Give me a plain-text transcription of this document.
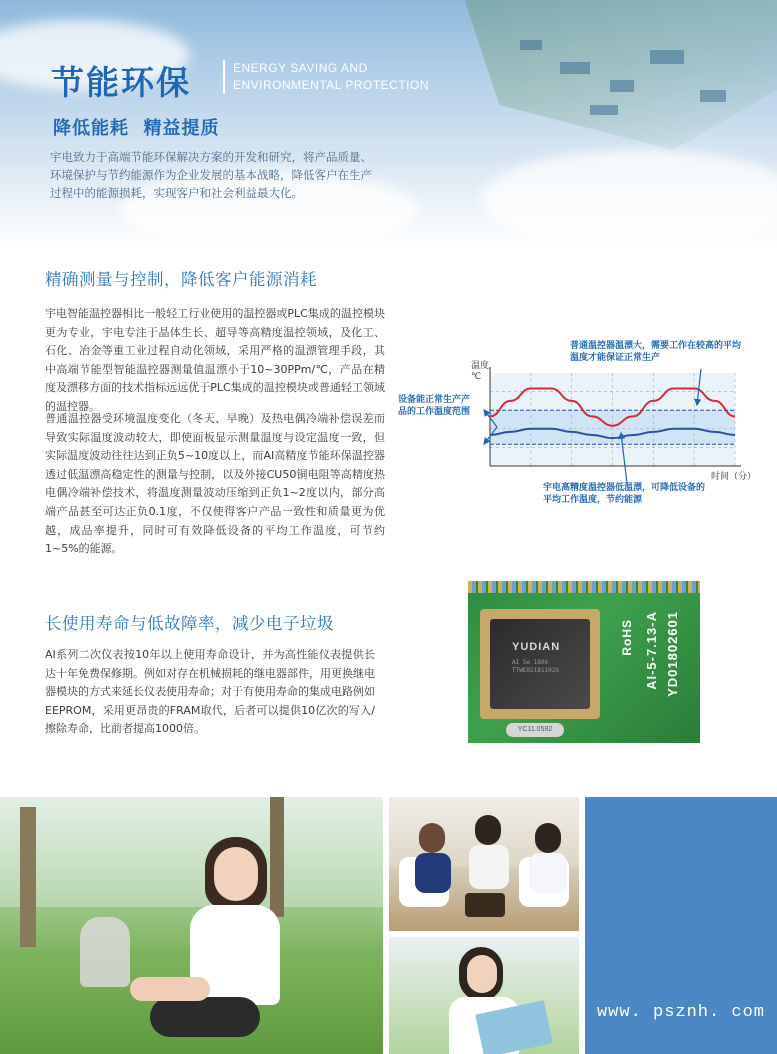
节能环保	ENERGY SAVING AND
ENVIRONMENTAL PROTECTION
降低能耗  精益提质
宇电致力于高端节能环保解决方案的开发和研究，将产品质量、环境保护与节约能源作为企业发展的基本战略，降低客户在生产过程中的能源损耗，实现客户和社会利益最大化。
精确测量与控制，降低客户能源消耗
宇电智能温控器相比一般轻工行业使用的温控器或PLC集成的温控模块更为专业，宇电专注于晶体生长、超导等高精度温控领域，及化工、石化、冶金等重工业过程自动化领域，采用严格的温漂管理手段，其中高端节能型智能温控器测量值温漂小于10~30PPm/℃，产品在精度及漂移方面的技术指标远远优于PLC集成的温控模块或普通轻工领域的温控器。
普通温控器受环境温度变化（冬天、早晚）及热电偶冷端补偿误差而导致实际温度波动较大，即使面板显示测量温度与设定温度一致，但实际温度波动往往达到正负5~10度以上，而AI高精度节能环保温控器透过低温漂高稳定性的测量与控制，以及外接CU50铜电阻等高精度热电偶冷端补偿技术，将温度测量波动压缩到正负1~2度以内，部分高端产品甚至可达正负0.1度，不仅使得客户产品一致性和质量更为优越，成品率提升，同时可有效降低设备的平均工作温度，可节约1~5%的能源。
普通温控器温漂大，需要工作在较高的平均温度才能保证正常生产
设备能正常生产产品的工作温度范围
宇电高精度温控器低温漂，可降低设备的平均工作温度，节约能源
温度
℃
时间（分）
YUDIAN
AI 5e 1806
TTWE02181102X
RoHS AI-5-7.13-A YD01802601
YC11.0592
长使用寿命与低故障率，减少电子垃圾
AI系列二次仪表按10年以上使用寿命设计，并为高性能仪表提供长达十年免费保修期。例如对存在机械损耗的继电器部件，用更换继电器模块的方式来延长仪表使用寿命；对于有使用寿命的集成电路例如EEPROM，采用更昂贵的FRAM取代，后者可以提供10亿次的写入/擦除寿命，比前者提高1000倍。
www. psznh. com
